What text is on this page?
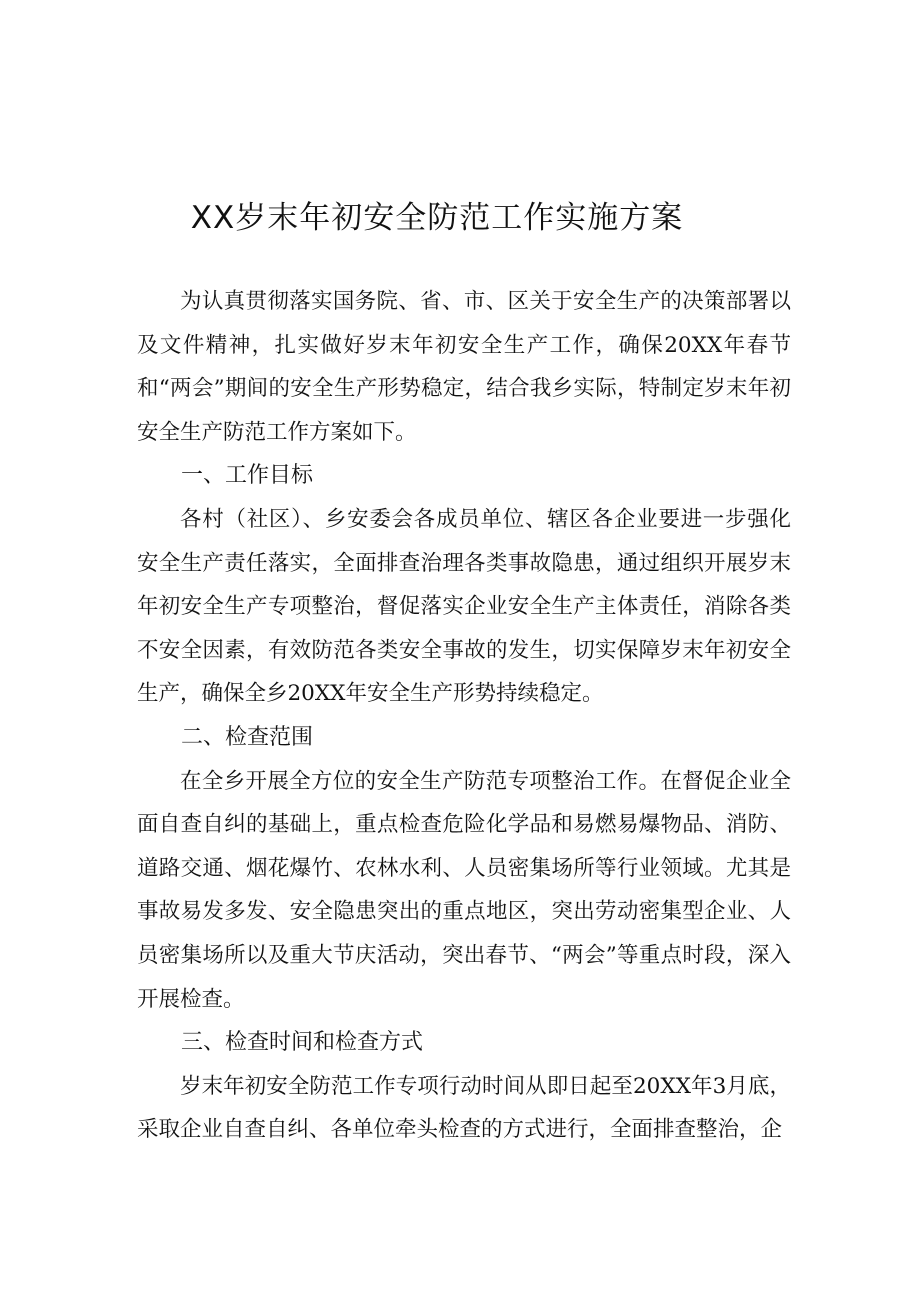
XX岁末年初安全防范工作实施方案

为认真贯彻落实国务院、省、市、区关于安全生产的决策部署以及文件精神，扎实做好岁末年初安全生产工作，确保20XX年春节和“两会”期间的安全生产形势稳定，结合我乡实际，特制定岁末年初安全生产防范工作方案如下。

一、工作目标

各村（社区）、乡安委会各成员单位、辖区各企业要进一步强化安全生产责任落实，全面排查治理各类事故隐患，通过组织开展岁末年初安全生产专项整治，督促落实企业安全生产主体责任，消除各类不安全因素，有效防范各类安全事故的发生，切实保障岁末年初安全生产，确保全乡20XX年安全生产形势持续稳定。

二、检查范围

在全乡开展全方位的安全生产防范专项整治工作。在督促企业全面自查自纠的基础上，重点检查危险化学品和易燃易爆物品、消防、道路交通、烟花爆竹、农林水利、人员密集场所等行业领域。尤其是事故易发多发、安全隐患突出的重点地区，突出劳动密集型企业、人员密集场所以及重大节庆活动，突出春节、“两会”等重点时段，深入开展检查。

三、检查时间和检查方式

岁末年初安全防范工作专项行动时间从即日起至20XX年3月底，采取企业自查自纠、各单位牵头检查的方式进行，全面排查整治，企
